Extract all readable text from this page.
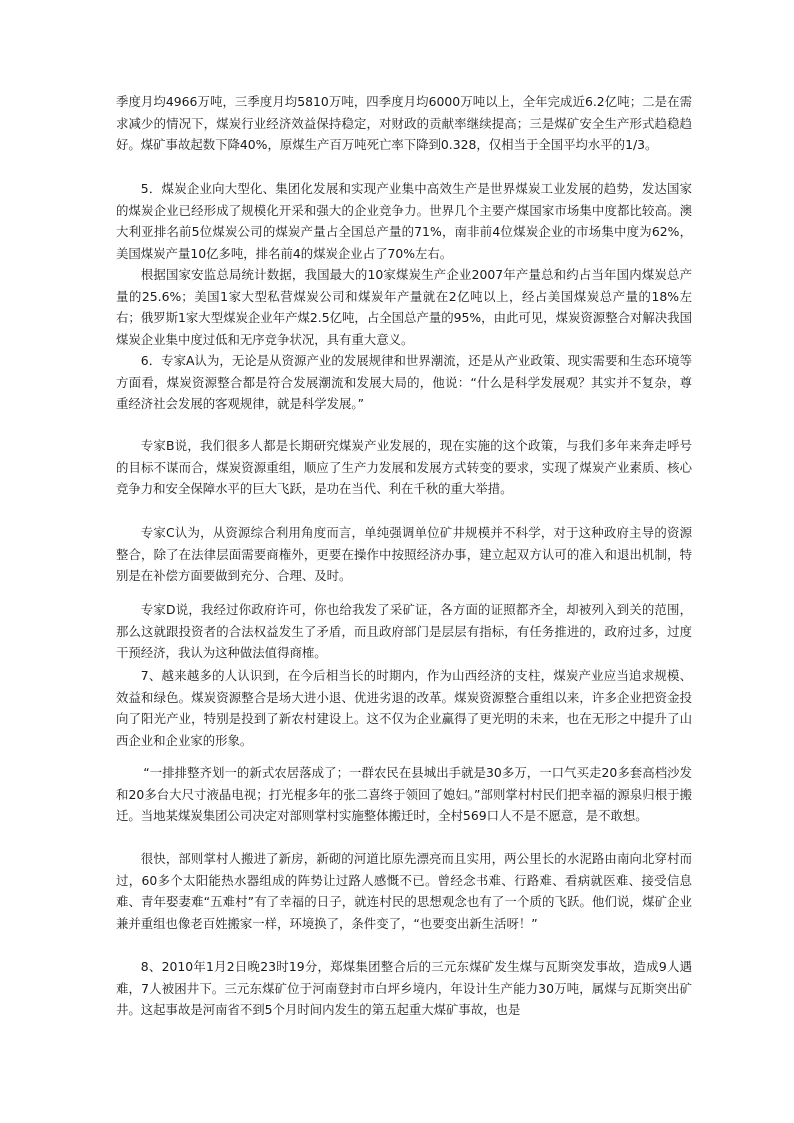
季度月均4966万吨，三季度月均5810万吨，四季度月均6000万吨以上，全年完成近6.2亿吨；二是在需求减少的情况下，煤炭行业经济效益保持稳定，对财政的贡献率继续提高；三是煤矿安全生产形式趋稳趋好。煤矿事故起数下降40%，原煤生产百万吨死亡率下降到0.328，仅相当于全国平均水平的1/3。

5．煤炭企业向大型化、集团化发展和实现产业集中高效生产是世界煤炭工业发展的趋势，发达国家的煤炭企业已经形成了规模化开采和强大的企业竞争力。世界几个主要产煤国家市场集中度都比较高。澳大利亚排名前5位煤炭公司的煤炭产量占全国总产量的71%，南非前4位煤炭企业的市场集中度为62%，美国煤炭产量10亿多吨，排名前4的煤炭企业占了70%左右。

根据国家安监总局统计数据，我国最大的10家煤炭生产企业2007年产量总和约占当年国内煤炭总产量的25.6%；美国1家大型私营煤炭公司和煤炭年产量就在2亿吨以上，经占美国煤炭总产量的18%左右；俄罗斯1家大型煤炭企业年产煤2.5亿吨，占全国总产量的95%，由此可见，煤炭资源整合对解决我国煤炭企业集中度过低和无序竞争状况，具有重大意义。

6．专家A认为，无论是从资源产业的发展规律和世界潮流，还是从产业政策、现实需要和生态环境等方面看，煤炭资源整合都是符合发展潮流和发展大局的，他说：“什么是科学发展观？其实并不复杂，尊重经济社会发展的客观规律，就是科学发展。”

专家B说，我们很多人都是长期研究煤炭产业发展的，现在实施的这个政策，与我们多年来奔走呼号的目标不谋而合，煤炭资源重组，顺应了生产力发展和发展方式转变的要求，实现了煤炭产业素质、核心竞争力和安全保障水平的巨大飞跃，是功在当代、利在千秋的重大举措。

专家C认为，从资源综合利用角度而言，单纯强调单位矿井规模并不科学，对于这种政府主导的资源整合，除了在法律层面需要商権外，更要在操作中按照经济办事，建立起双方认可的准入和退出机制，特别是在补偿方面要做到充分、合理、及时。

专家D说，我经过你政府许可，你也给我发了采矿证，各方面的证照都齐全，却被列入到关的范围，那么这就跟投资者的合法权益发生了矛盾，而且政府部门是层层有指标，有任务推进的，政府过多，过度干预经济，我认为这种做法值得商榷。

7、越来越多的人认识到，在今后相当长的时期内，作为山西经济的支柱，煤炭产业应当追求规模、效益和绿色。煤炭资源整合是场大进小退、优进劣退的改革。煤炭资源整合重组以来，许多企业把资金投向了阳光产业，特别是投到了新农村建设上。这不仅为企业赢得了更光明的未来，也在无形之中提升了山西企业和企业家的形象。

“一排排整齐划一的新式农居落成了；一群农民在县城出手就是30多万，一口气买走20多套高档沙发和20多台大尺寸液晶电视；打光棍多年的张二喜终于领回了媳妇。”部则掌村村民们把幸福的源泉归根于搬迁。当地某煤炭集团公司决定对部则掌村实施整体搬迁时，全村569口人不是不愿意，是不敢想。

很快，部则掌村人搬进了新房，新砌的河道比原先漂亮而且实用，两公里长的水泥路由南向北穿村而过，60多个太阳能热水器组成的阵势让过路人感慨不已。曾经念书难、行路难、看病就医难、接受信息难、青年娶妻难“五难村”有了幸福的日子，就连村民的思想观念也有了一个质的飞跃。他们说，煤矿企业兼并重组也像老百姓搬家一样，环境换了，条件变了，“也要变出新生活呀！”

8、2010年1月2日晚23时19分，郑煤集团整合后的三元东煤矿发生煤与瓦斯突发事故，造成9人遇难，7人被困井下。三元东煤矿位于河南登封市白坪乡境内，年设计生产能力30万吨，属煤与瓦斯突出矿井。这起事故是河南省不到5个月时间内发生的第五起重大煤矿事故，也是
